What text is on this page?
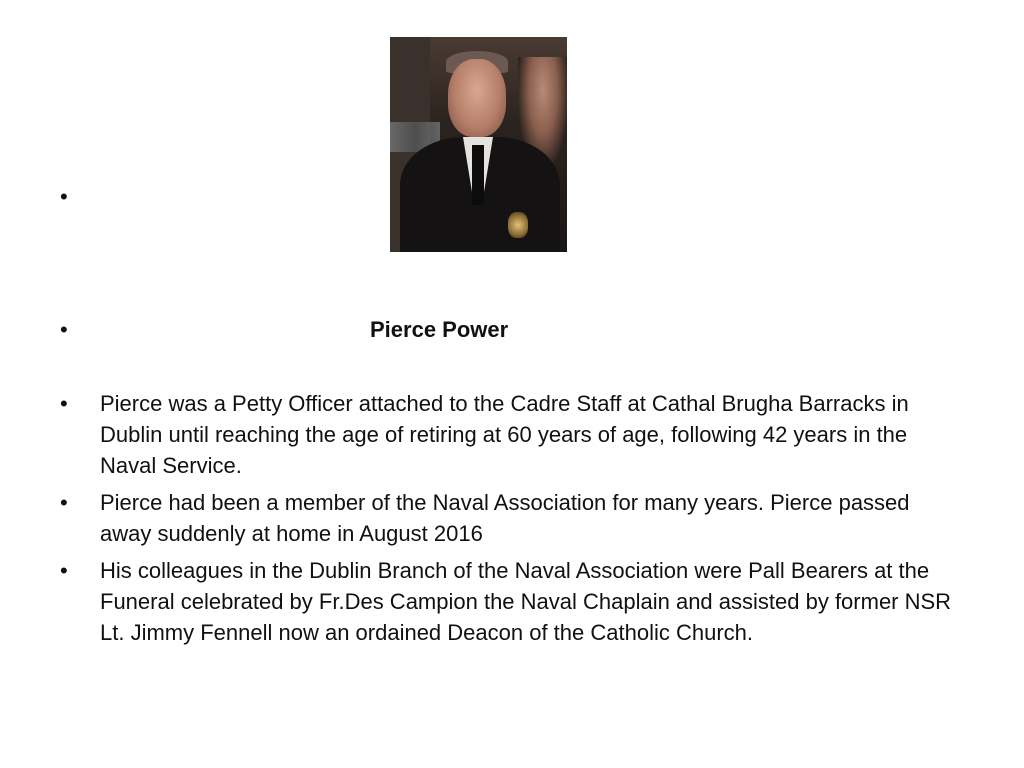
•
•	Pierce Power
• Pierce was a Petty Officer attached to the Cadre Staff at Cathal Brugha Barracks in Dublin until reaching the age of retiring at 60 years of age, following 42 years in the Naval Service.
• Pierce had been a member of the Naval Association for many years. Pierce passed away suddenly at home in August 2016
• His colleagues in the Dublin Branch of the Naval Association were Pall Bearers at the Funeral celebrated by Fr.Des Campion the Naval Chaplain and assisted by former NSR Lt. Jimmy Fennell now an ordained Deacon of the Catholic Church.
